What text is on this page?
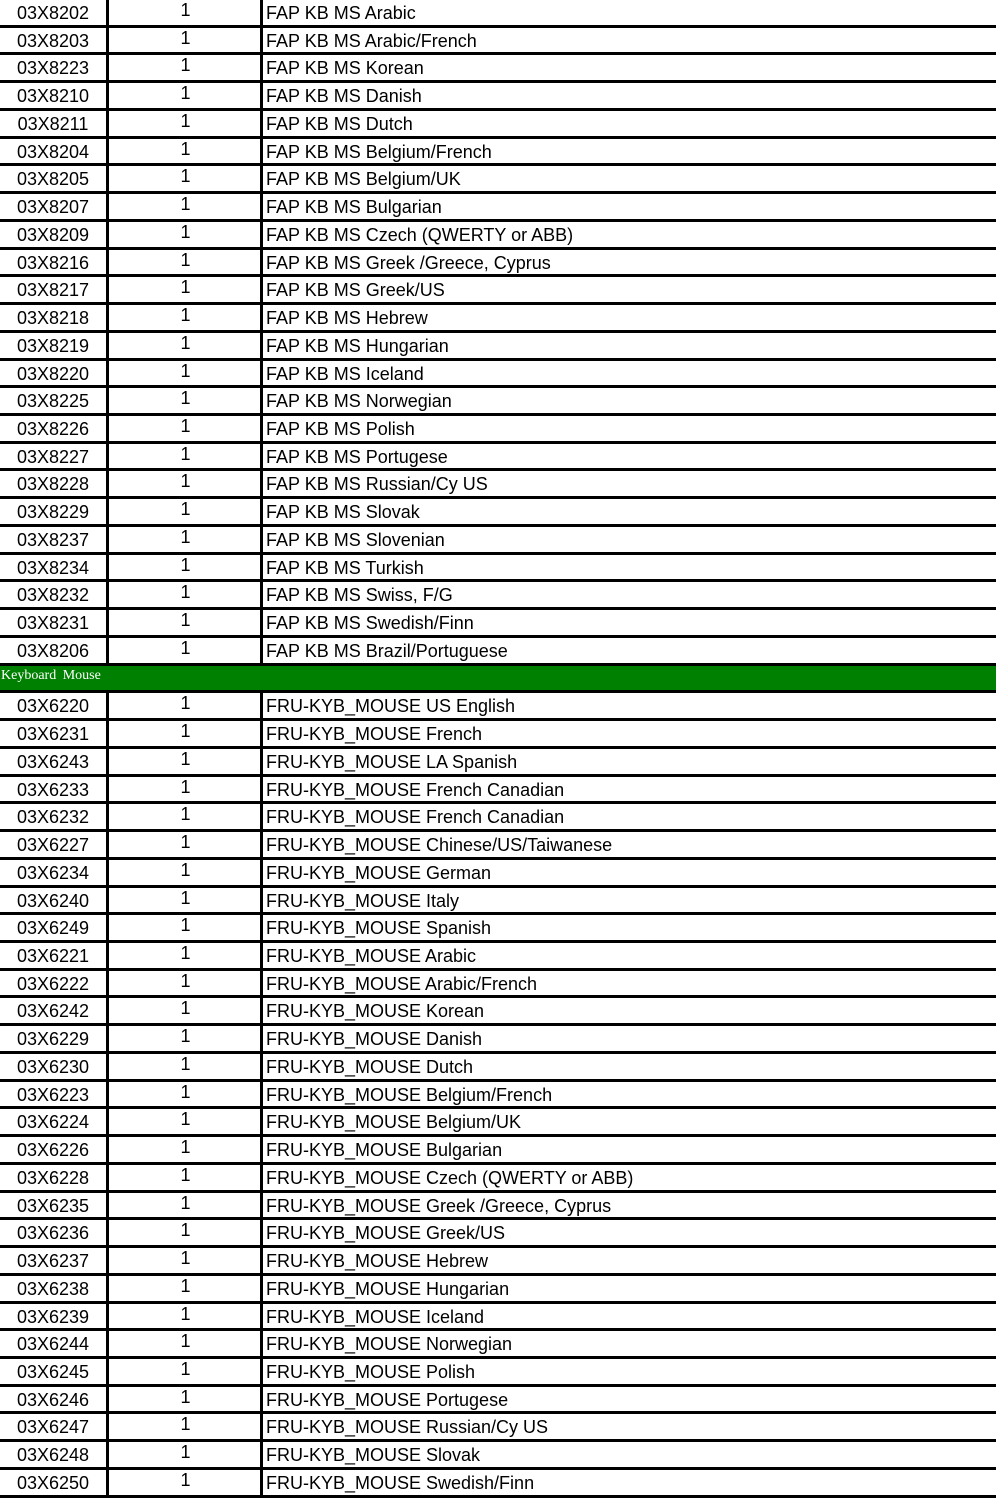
03X8202	1	FAP KB MS Arabic
03X8203	1	FAP KB MS Arabic/French
03X8223	1	FAP KB MS Korean
03X8210	1	FAP KB MS Danish
03X8211	1	FAP KB MS Dutch
03X8204	1	FAP KB MS Belgium/French
03X8205	1	FAP KB MS Belgium/UK
03X8207	1	FAP KB MS Bulgarian
03X8209	1	FAP KB MS Czech (QWERTY or ABB)
03X8216	1	FAP KB MS Greek /Greece, Cyprus
03X8217	1	FAP KB MS Greek/US
03X8218	1	FAP KB MS Hebrew
03X8219	1	FAP KB MS Hungarian
03X8220	1	FAP KB MS Iceland
03X8225	1	FAP KB MS Norwegian
03X8226	1	FAP KB MS Polish
03X8227	1	FAP KB MS Portugese
03X8228	1	FAP KB MS Russian/Cy US
03X8229	1	FAP KB MS Slovak
03X8237	1	FAP KB MS Slovenian
03X8234	1	FAP KB MS Turkish
03X8232	1	FAP KB MS Swiss, F/G
03X8231	1	FAP KB MS Swedish/Finn
03X8206	1	FAP KB MS Brazil/Portuguese
Keyboard Mouse
03X6220	1	FRU-KYB_MOUSE US English
03X6231	1	FRU-KYB_MOUSE French
03X6243	1	FRU-KYB_MOUSE LA Spanish
03X6233	1	FRU-KYB_MOUSE French Canadian
03X6232	1	FRU-KYB_MOUSE French Canadian
03X6227	1	FRU-KYB_MOUSE Chinese/US/Taiwanese
03X6234	1	FRU-KYB_MOUSE German
03X6240	1	FRU-KYB_MOUSE Italy
03X6249	1	FRU-KYB_MOUSE Spanish
03X6221	1	FRU-KYB_MOUSE Arabic
03X6222	1	FRU-KYB_MOUSE Arabic/French
03X6242	1	FRU-KYB_MOUSE Korean
03X6229	1	FRU-KYB_MOUSE Danish
03X6230	1	FRU-KYB_MOUSE Dutch
03X6223	1	FRU-KYB_MOUSE Belgium/French
03X6224	1	FRU-KYB_MOUSE Belgium/UK
03X6226	1	FRU-KYB_MOUSE Bulgarian
03X6228	1	FRU-KYB_MOUSE Czech (QWERTY or ABB)
03X6235	1	FRU-KYB_MOUSE Greek /Greece, Cyprus
03X6236	1	FRU-KYB_MOUSE Greek/US
03X6237	1	FRU-KYB_MOUSE Hebrew
03X6238	1	FRU-KYB_MOUSE Hungarian
03X6239	1	FRU-KYB_MOUSE Iceland
03X6244	1	FRU-KYB_MOUSE Norwegian
03X6245	1	FRU-KYB_MOUSE Polish
03X6246	1	FRU-KYB_MOUSE Portugese
03X6247	1	FRU-KYB_MOUSE Russian/Cy US
03X6248	1	FRU-KYB_MOUSE Slovak
03X6250	1	FRU-KYB_MOUSE Swedish/Finn
